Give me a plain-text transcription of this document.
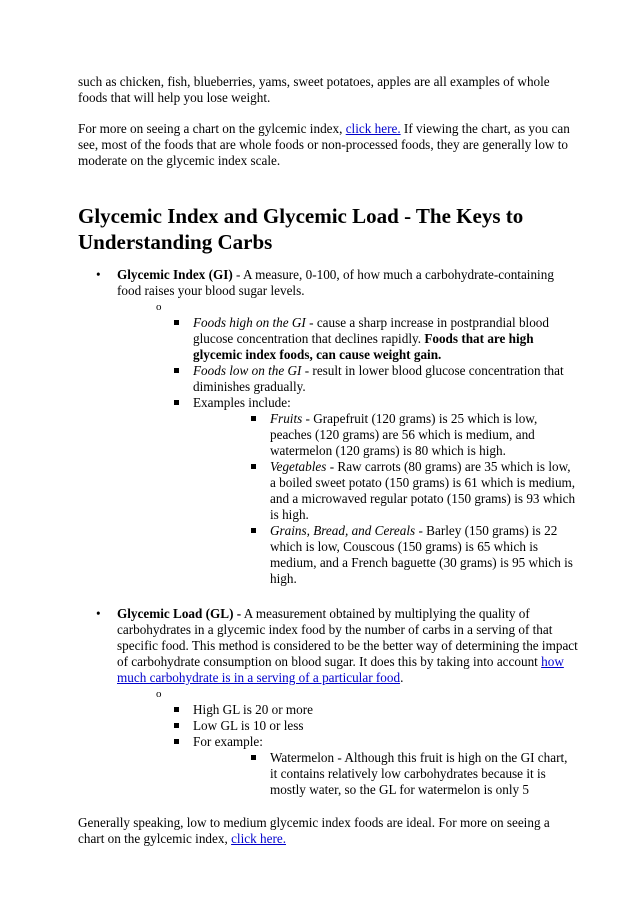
such as chicken, fish, blueberries, yams, sweet potatoes, apples are all examples of whole foods that will help you lose weight.

For more on seeing a chart on the gylcemic index, click here. If viewing the chart, as you can see, most of the foods that are whole foods or non-processed foods, they are generally low to moderate on the glycemic index scale.

Glycemic Index and Glycemic Load - The Keys to Understanding Carbs
• Glycemic Index (GI) - A measure, 0-100, of how much a carbohydrate-containing food raises your blood sugar levels.
o
Foods high on the GI - cause a sharp increase in postprandial blood glucose concentration that declines rapidly. Foods that are high glycemic index foods, can cause weight gain.
Foods low on the GI - result in lower blood glucose concentration that diminishes gradually.
Examples include:
Fruits - Grapefruit (120 grams) is 25 which is low, peaches (120 grams) are 56 which is medium, and watermelon (120 grams) is 80 which is high.
Vegetables - Raw carrots (80 grams) are 35 which is low, a boiled sweet potato (150 grams) is 61 which is medium, and a microwaved regular potato (150 grams) is 93 which is high.
Grains, Bread, and Cereals - Barley (150 grams) is 22 which is low, Couscous (150 grams) is 65 which is medium, and a French baguette (30 grams) is 95 which is high.
• Glycemic Load (GL) - A measurement obtained by multiplying the quality of carbohydrates in a glycemic index food by the number of carbs in a serving of that specific food. This method is considered to be the better way of determining the impact of carbohydrate consumption on blood sugar. It does this by taking into account how much carbohydrate is in a serving of a particular food.
o
High GL is 20 or more
Low GL is 10 or less
For example:
Watermelon - Although this fruit is high on the GI chart, it contains relatively low carbohydrates because it is mostly water, so the GL for watermelon is only 5

Generally speaking, low to medium glycemic index foods are ideal. For more on seeing a chart on the gylcemic index, click here.
